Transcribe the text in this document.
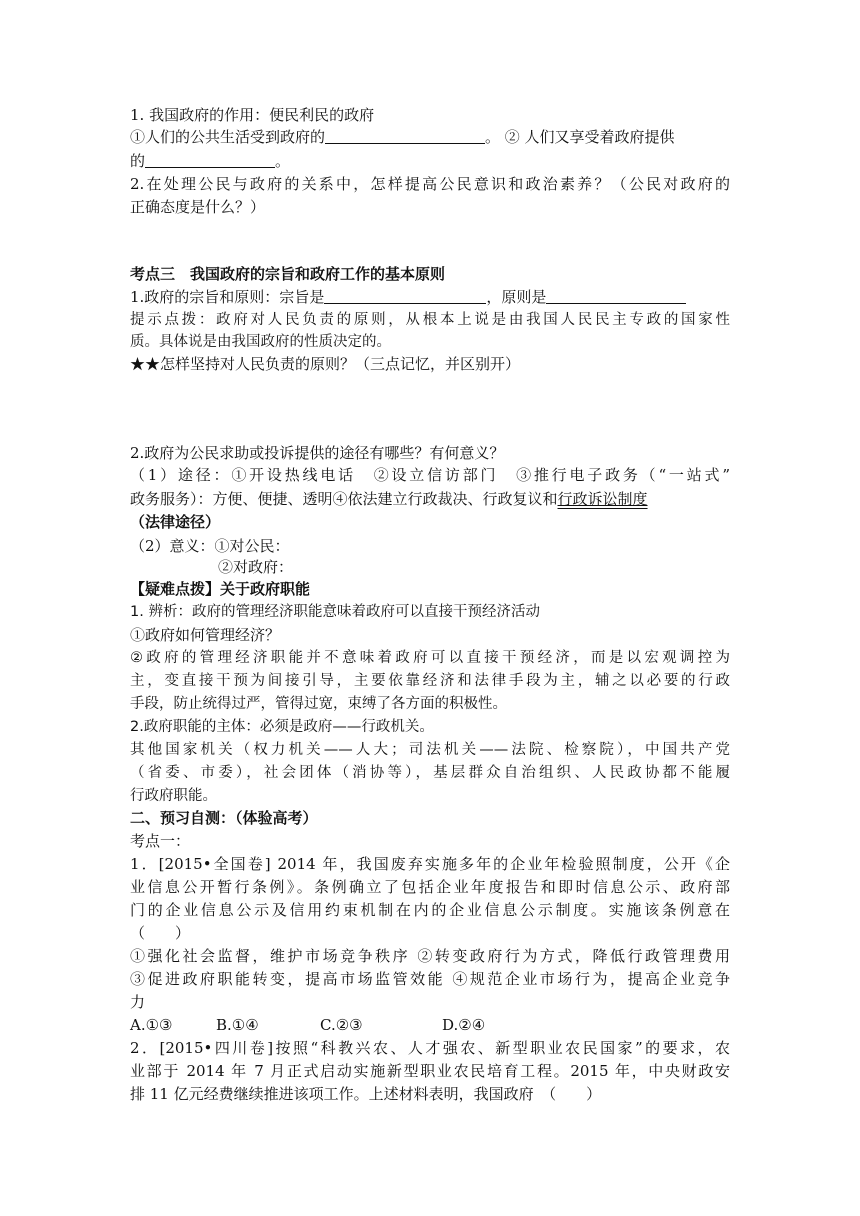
1. 我国政府的作用：便民利民的政府
①人们的公共生活受到政府的	。 ② 人们又享受着政府提供
的	。
2.在处理公民与政府的关系中，怎样提高公民意识和政治素养？（公民对政府的
正确态度是什么？）
考点三　我国政府的宗旨和政府工作的基本原则
1.政府的宗旨和原则：宗旨是	，原则是
提示点拨：政府对人民负责的原则，从根本上说是由我国人民民主专政的国家性
质。具体说是由我国政府的性质决定的。
★★怎样坚持对人民负责的原则？（三点记忆，并区别开）
2.政府为公民求助或投诉提供的途径有哪些？有何意义？
（1）途径：①开设热线电话　②设立信访部门　③推行电子政务（“一站式”
政务服务）：方便、便捷、透明④依法建立行政裁决、行政复议和行政诉讼制度
（法律途径）
（2）意义：①对公民：
②对政府：
【疑难点拨】关于政府职能
1. 辨析：政府的管理经济职能意味着政府可以直接干预经济活动
①政府如何管理经济？
②政府的管理经济职能并不意味着政府可以直接干预经济，而是以宏观调控为
主，变直接干预为间接引导，主要依靠经济和法律手段为主，辅之以必要的行政
手段，防止统得过严，管得过宽，束缚了各方面的积极性。
2.政府职能的主体：必须是政府——行政机关。
其他国家机关（权力机关——人大；司法机关——法院、检察院），中国共产党
（省委、市委），社会团体（消协等），基层群众自治组织、人民政协都不能履
行政府职能。
二、预习自测：（体验高考）
考点一：
1．[2015•全国卷] 2014 年，我国废弃实施多年的企业年检验照制度，公开《企
业信息公开暂行条例》。条例确立了包括企业年度报告和即时信息公示、政府部
门的企业信息公示及信用约束机制在内的企业信息公示制度。实施该条例意在
（　　）
①强化社会监督，维护市场竞争秩序 ②转变政府行为方式，降低行政管理费用
③促进政府职能转变，提高市场监管效能 ④规范企业市场行为，提高企业竞争
力
A.①③	B.①④	C.②③	D.②④
2．[2015•四川卷]按照“科教兴农、人才强农、新型职业农民国家”的要求，农
业部于 2014 年 7 月正式启动实施新型职业农民培育工程。2015 年，中央财政安
排 11 亿元经费继续推进该项工作。上述材料表明，我国政府　（　　）
